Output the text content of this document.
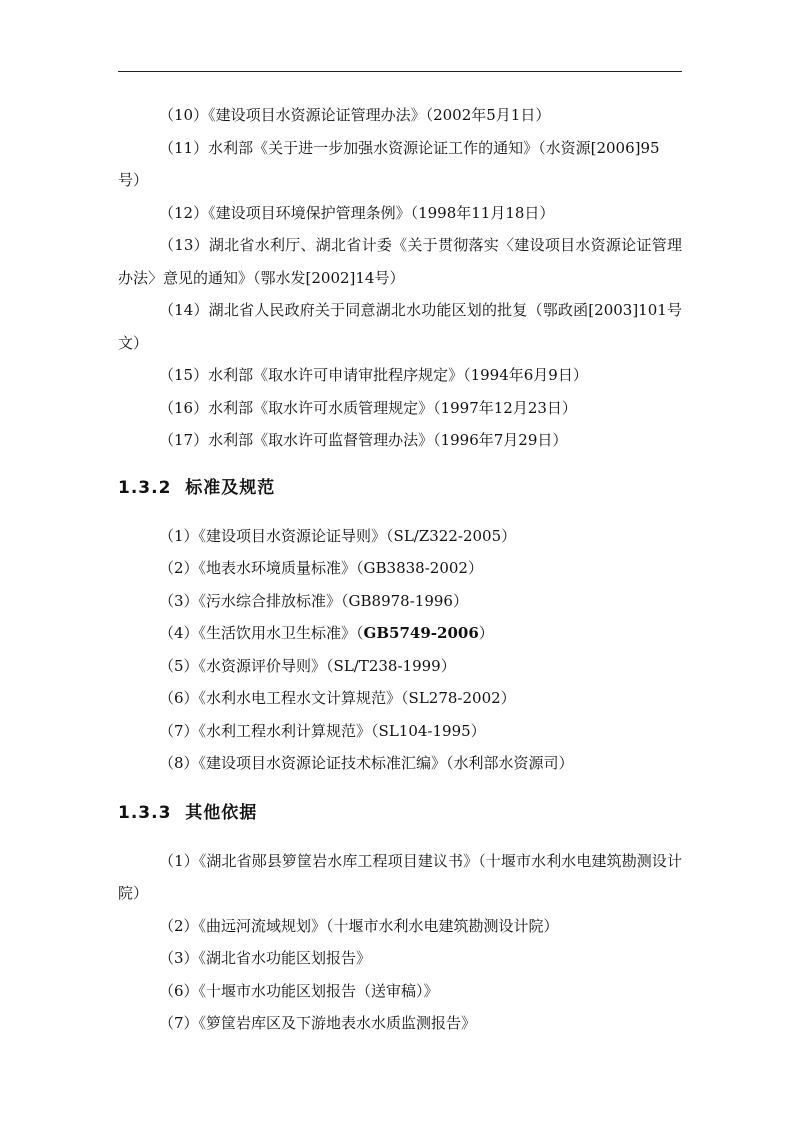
（10）《建设项目水资源论证管理办法》（2002年5月1日）

（11）水利部《关于进一步加强水资源论证工作的通知》（水资源[2006]95号）

（12）《建设项目环境保护管理条例》（1998年11月18日）

（13）湖北省水利厅、湖北省计委《关于贯彻落实〈建设项目水资源论证管理办法〉意见的通知》（鄂水发[2002]14号）

（14）湖北省人民政府关于同意湖北水功能区划的批复（鄂政函[2003]101号文）

（15）水利部《取水许可申请审批程序规定》（1994年6月9日）

（16）水利部《取水许可水质管理规定》（1997年12月23日）

（17）水利部《取水许可监督管理办法》（1996年7月29日）

1.3.2 标准及规范

（1）《建设项目水资源论证导则》（SL/Z322-2005）

（2）《地表水环境质量标准》（GB3838-2002）

（3）《污水综合排放标准》（GB8978-1996）

（4）《生活饮用水卫生标准》（GB5749-2006）

（5）《水资源评价导则》（SL/T238-1999）

（6）《水利水电工程水文计算规范》（SL278-2002）

（7）《水利工程水利计算规范》（SL104-1995）

（8）《建设项目水资源论证技术标准汇编》（水利部水资源司）

1.3.3 其他依据

（1）《湖北省郧县箩筐岩水库工程项目建议书》（十堰市水利水电建筑勘测设计院）

（2）《曲远河流域规划》（十堰市水利水电建筑勘测设计院）

（3）《湖北省水功能区划报告》

（6）《十堰市水功能区划报告（送审稿）》

（7）《箩筐岩库区及下游地表水水质监测报告》
